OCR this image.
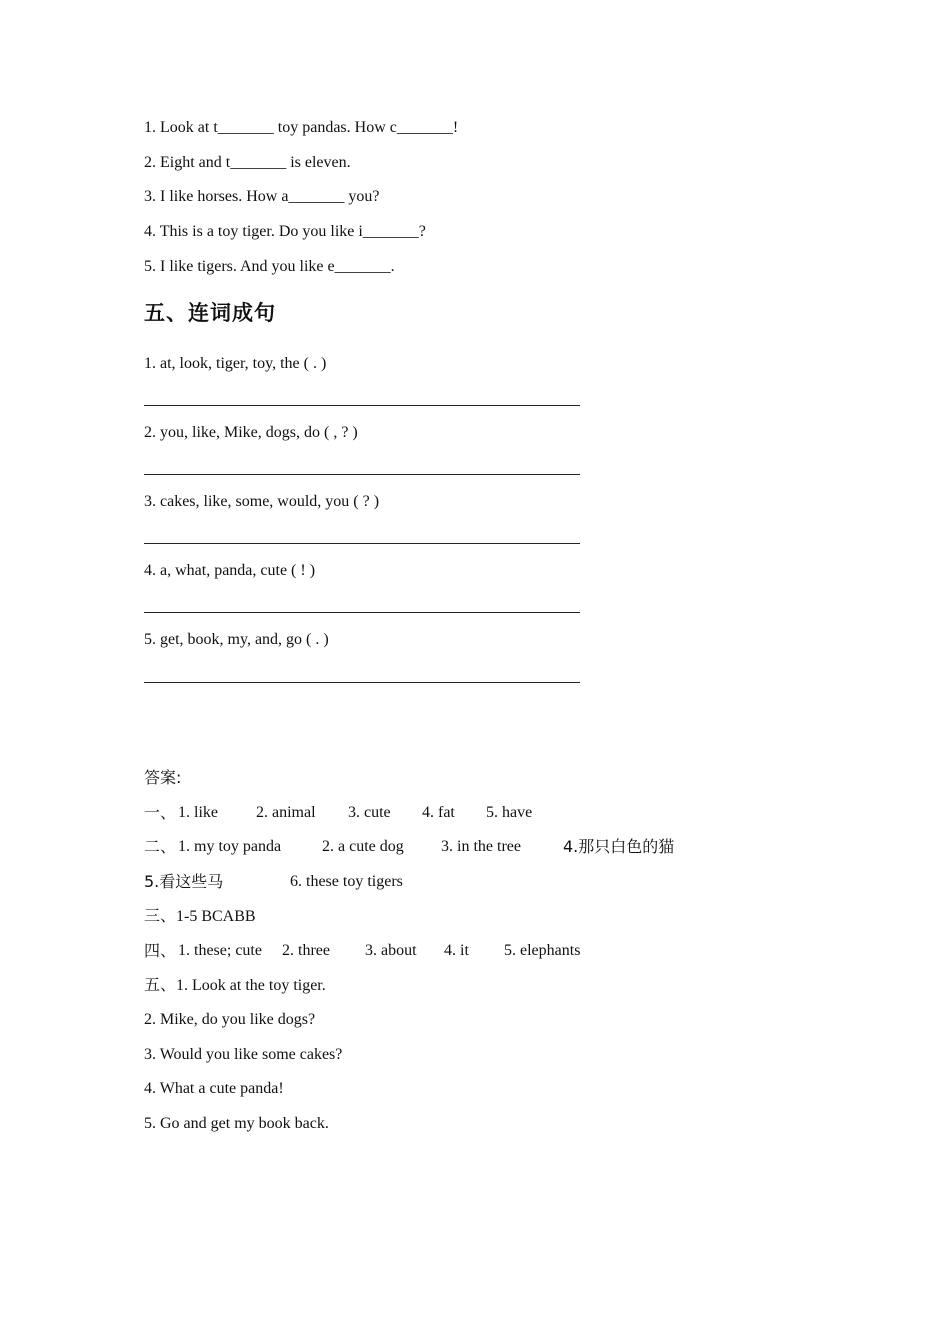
1. Look at t_______ toy pandas. How c_______!
2. Eight and t_______ is eleven.
3. I like horses. How a_______ you?
4. This is a toy tiger. Do you like i_______?
5. I like tigers. And you like e_______.
五、连词成句
1. at, look, tiger, toy, the ( . )
2. you, like, Mike, dogs, do ( , ? )
3. cakes, like, some, would, you ( ? )
4. a, what, panda, cute ( ! )
5. get, book, my, and, go ( . )
答案:
一、 1. like 2. animal 3. cute 4. fat 5. have
二、 1. my toy panda	2. a cute dog 3. in the tree	4.那只白色的猫
5.看这些马	6. these toy tigers
三、1-5 BCABB
四、 1. these; cute 2. three 3. about 4. it 5. elephants
五、1. Look at the toy tiger.
2. Mike, do you like dogs?
3. Would you like some cakes?
4. What a cute panda!
5. Go and get my book back.
